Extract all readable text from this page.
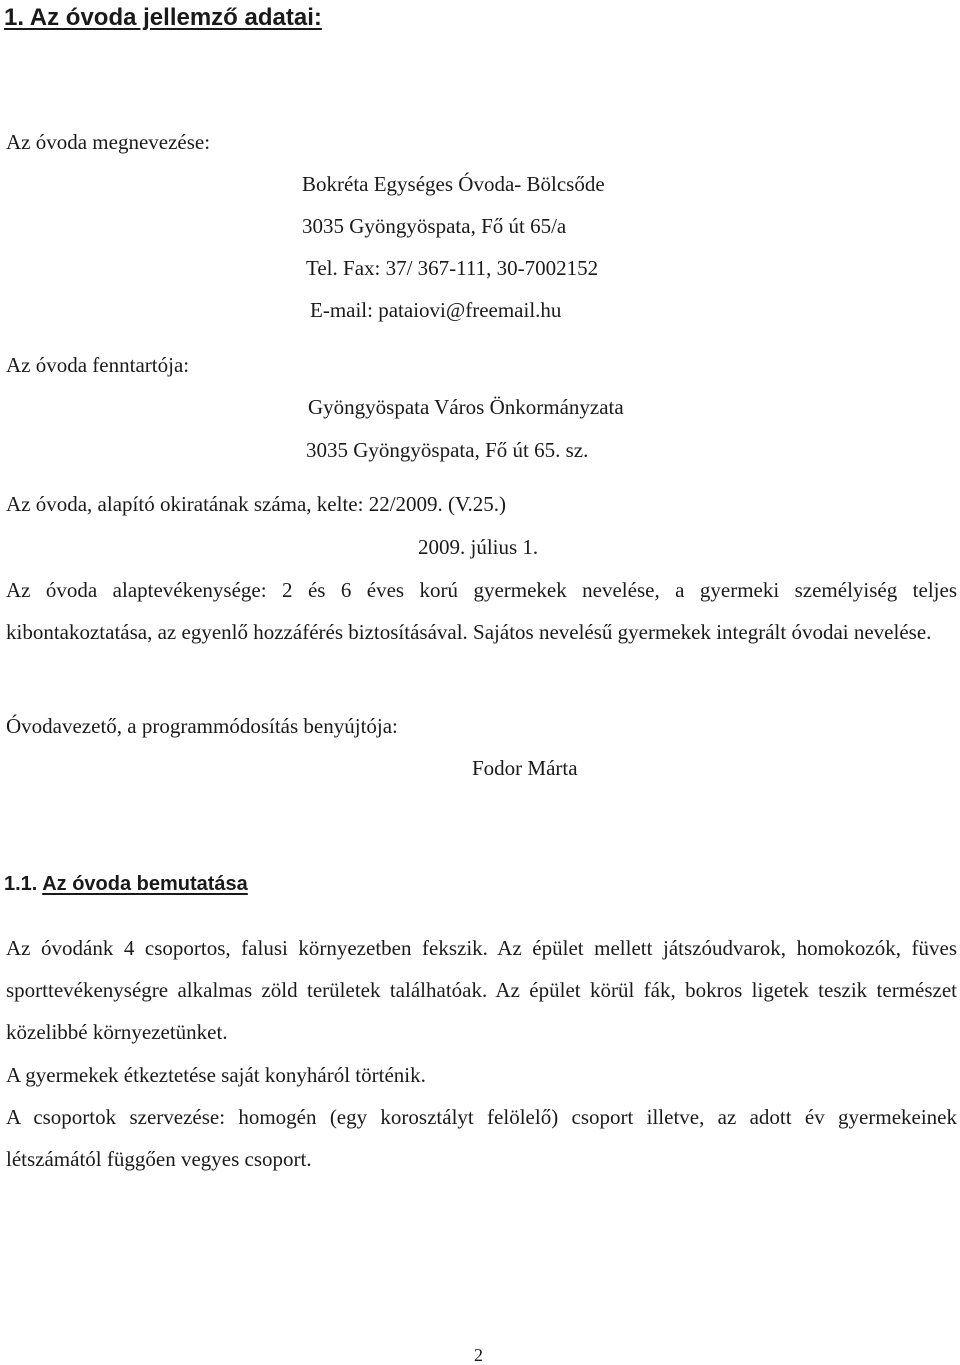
1. Az óvoda jellemző adatai:
Az óvoda megnevezése:
Bokréta Egységes Óvoda- Bölcsőde
3035 Gyöngyöspata, Fő út 65/a
Tel. Fax: 37/ 367-111, 30-7002152
E-mail: pataiovi@freemail.hu
Az óvoda fenntartója:
Gyöngyöspata Város Önkormányzata
3035 Gyöngyöspata, Fő út 65. sz.
Az óvoda, alapító okiratának száma, kelte: 22/2009. (V.25.)
2009. július 1.
Az óvoda alaptevékenysége: 2 és 6 éves korú gyermekek nevelése, a gyermeki személyiség teljes kibontakoztatása, az egyenlő hozzáférés biztosításával. Sajátos nevelésű gyermekek integrált óvodai nevelése.
Óvodavezető, a programmódosítás benyújtója:
Fodor Márta
1.1. Az óvoda bemutatása
Az óvodánk 4 csoportos, falusi környezetben fekszik. Az épület mellett játszóudvarok, homokozók, füves sporttevékenységre alkalmas zöld területek találhatóak. Az épület körül fák, bokros ligetek teszik természet közelibbé környezetünket.
A gyermekek étkeztetése saját konyháról történik.
A csoportok szervezése: homogén (egy korosztályt felölelő) csoport illetve, az adott év gyermekeinek létszámától függően vegyes csoport.
2
